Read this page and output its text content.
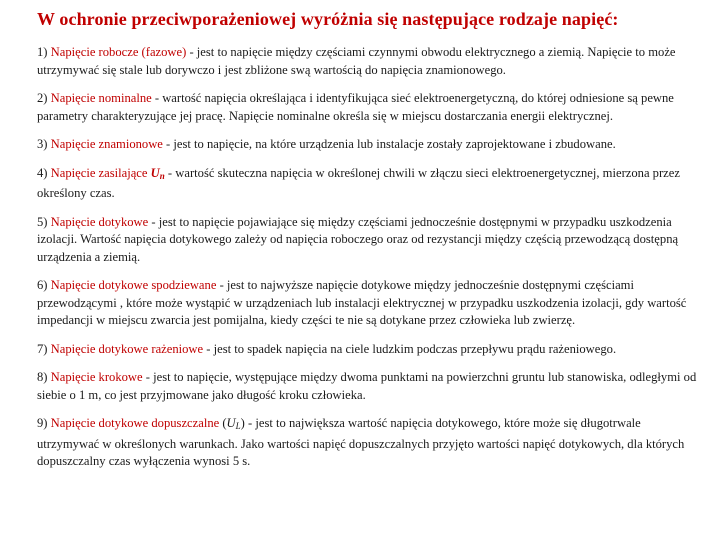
W ochronie przeciwporażeniowej wyróżnia się następujące rodzaje napięć:
1) Napięcie robocze (fazowe) - jest to napięcie między częściami czynnymi obwodu elektrycznego a ziemią. Napięcie to może utrzymywać się stale lub dorywczo i jest zbliżone swą wartością do napięcia znamionowego.
2) Napięcie nominalne - wartość napięcia określająca i identyfikująca sieć elektroenergetyczną, do której odniesione są pewne parametry charakteryzujące jej pracę. Napięcie nominalne określa się w miejscu dostarczania energii elektrycznej.
3) Napięcie znamionowe - jest to napięcie, na które urządzenia lub instalacje zostały zaprojektowane i zbudowane.
4) Napięcie zasilające $U_n$ - wartość skuteczna napięcia w określonej chwili w złączu sieci elektroenergetycznej, mierzona przez określony czas.
5) Napięcie dotykowe - jest to napięcie pojawiające się między częściami jednocześnie dostępnymi w przypadku uszkodzenia izolacji. Wartość napięcia dotykowego zależy od napięcia roboczego oraz od rezystancji między częścią przewodzącą dostępną urządzenia a ziemią.
6) Napięcie dotykowe spodziewane - jest to najwyższe napięcie dotykowe między jednocześnie dostępnymi częściami przewodzącymi , które może wystąpić w urządzeniach lub instalacji elektrycznej w przypadku uszkodzenia izolacji, gdy wartość impedancji w miejscu zwarcia jest pomijalna, kiedy części te nie są dotykane przez człowieka lub zwierzę.
7) Napięcie dotykowe rażeniowe - jest to spadek napięcia na ciele ludzkim podczas przepływu prądu rażeniowego.
8) Napięcie krokowe - jest to napięcie, występujące między dwoma punktami na powierzchni gruntu lub stanowiska, odległymi od siebie o 1 m, co jest przyjmowane jako długość kroku człowieka.
9) Napięcie dotykowe dopuszczalne $(U_L)$ - jest to największa wartość napięcia dotykowego, które może się długotrwale utrzymywać w określonych warunkach. Jako wartości napięć dopuszczalnych przyjęto wartości napięć dotykowych, dla których dopuszczalny czas wyłączenia wynosi 5 s.
